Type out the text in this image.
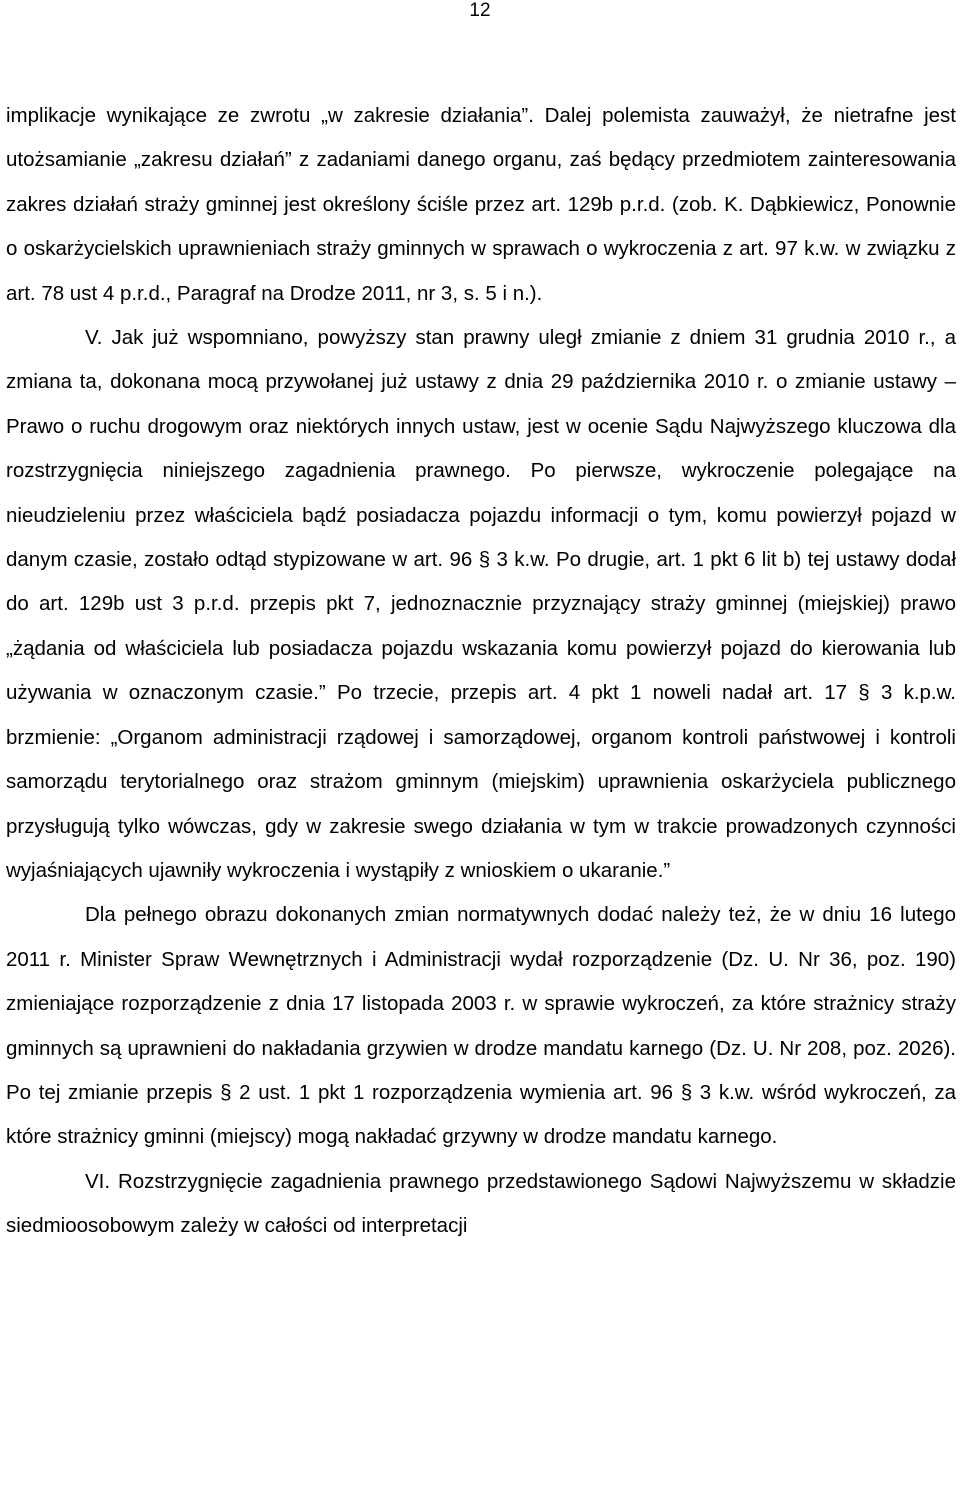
12
implikacje wynikające ze zwrotu „w zakresie działania”. Dalej polemista zauważył, że nietrafne jest utożsamianie „zakresu działań” z zadaniami danego organu, zaś będący przedmiotem zainteresowania zakres działań straży gminnej jest określony ściśle przez art. 129b p.r.d. (zob. K. Dąbkiewicz, Ponownie o oskarżycielskich uprawnieniach straży gminnych w sprawach o wykroczenia z art. 97 k.w. w związku z art. 78 ust 4 p.r.d., Paragraf na Drodze 2011, nr 3, s. 5 i n.).
V. Jak już wspomniano, powyższy stan prawny uległ zmianie z dniem 31 grudnia 2010 r., a zmiana ta, dokonana mocą przywołanej już ustawy z dnia 29 października 2010 r. o zmianie ustawy – Prawo o ruchu drogowym oraz niektórych innych ustaw, jest w ocenie Sądu Najwyższego kluczowa dla rozstrzygnięcia niniejszego zagadnienia prawnego. Po pierwsze, wykroczenie polegające na nieudzieleniu przez właściciela bądź posiadacza pojazdu informacji o tym, komu powierzył pojazd w danym czasie, zostało odtąd stypizowane w art. 96 § 3 k.w. Po drugie, art. 1 pkt 6 lit b) tej ustawy dodał do art. 129b ust 3 p.r.d. przepis pkt 7, jednoznacznie przyznający straży gminnej (miejskiej) prawo „żądania od właściciela lub posiadacza pojazdu wskazania komu powierzył pojazd do kierowania lub używania w oznaczonym czasie.” Po trzecie, przepis art. 4 pkt 1 noweli nadał art. 17 § 3 k.p.w. brzmienie: „Organom administracji rządowej i samorządowej, organom kontroli państwowej i kontroli samorządu terytorialnego oraz strażom gminnym (miejskim) uprawnienia oskarżyciela publicznego przysługują tylko wówczas, gdy w zakresie swego działania w tym w trakcie prowadzonych czynności wyjaśniających ujawniły wykroczenia i wystąpiły z wnioskiem o ukaranie.”
Dla pełnego obrazu dokonanych zmian normatywnych dodać należy też, że w dniu 16 lutego 2011 r. Minister Spraw Wewnętrznych i Administracji wydał rozporządzenie (Dz. U. Nr 36, poz. 190) zmieniające rozporządzenie z dnia 17 listopada 2003 r. w sprawie wykroczeń, za które strażnicy straży gminnych są uprawnieni do nakładania grzywien w drodze mandatu karnego (Dz. U. Nr 208, poz. 2026). Po tej zmianie przepis § 2 ust. 1 pkt 1 rozporządzenia wymienia art. 96 § 3 k.w. wśród wykroczeń, za które strażnicy gminni (miejscy) mogą nakładać grzywny w drodze mandatu karnego.
VI. Rozstrzygnięcie zagadnienia prawnego przedstawionego Sądowi Najwyższemu w składzie siedmioosobowym zależy w całości od interpretacji
